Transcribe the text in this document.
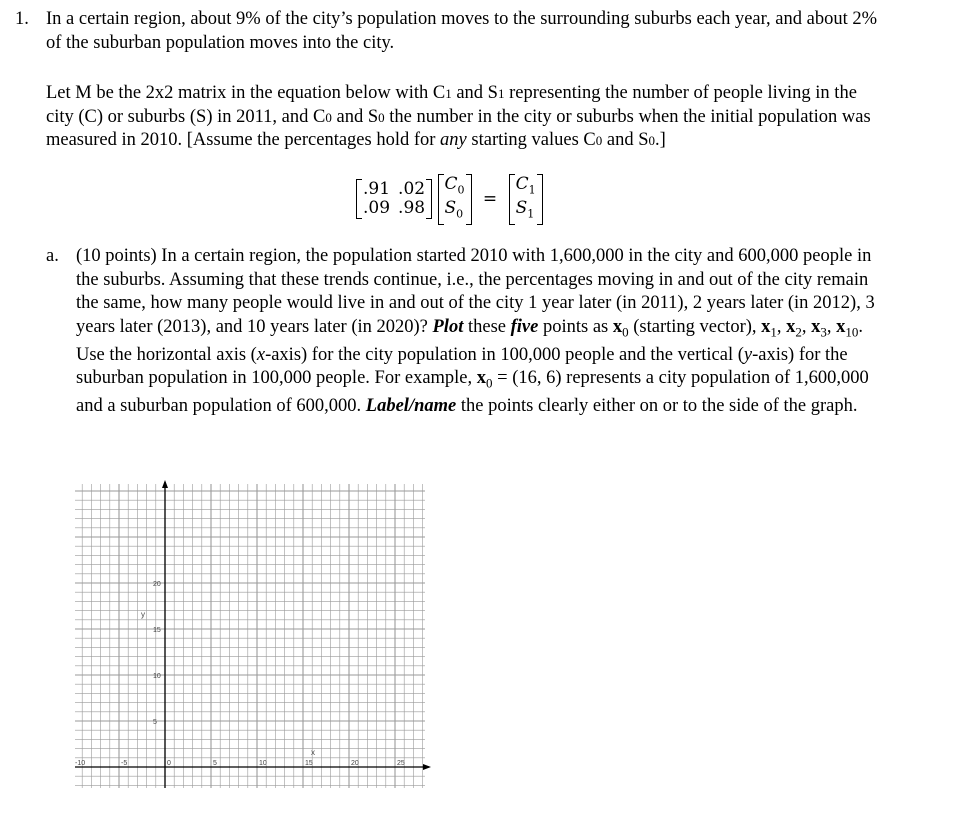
1. In a certain region, about 9% of the city’s population moves to the surrounding suburbs each year, and about 2% of the suburban population moves into the city.
Let M be the 2x2 matrix in the equation below with C1 and S1 representing the number of people living in the city (C) or suburbs (S) in 2011, and C0 and S0 the number in the city or suburbs when the initial population was measured in 2010. [Assume the percentages hold for any starting values C0 and S0.]
.91	.02
.09	.98 $C_0$
$S_0 = C_1$
$S_1$
a. (10 points) In a certain region, the population started 2010 with 1,600,000 in the city and 600,000 people in the suburbs. Assuming that these trends continue, i.e., the percentages moving in and out of the city remain the same, how many people would live in and out of the city 1 year later (in 2011), 2 years later (in 2012), 3 years later (2013), and 10 years later (in 2020)? Plot these five points as $x_0$ (starting vector), $x_1$, $x_2$, $x_3$, $x_{10}$. Use the horizontal axis (x-axis) for the city population in 100,000 people and the vertical (y-axis) for the suburban population in 100,000 people. For example, $x_0 = (16$, 6) represents a city population of 1,600,000 and a suburban population of 600,000. Label/name the points clearly either on or to the side of the graph.
-10	-5	0	5	10	15	20	25
20
15
10
5
y
x
